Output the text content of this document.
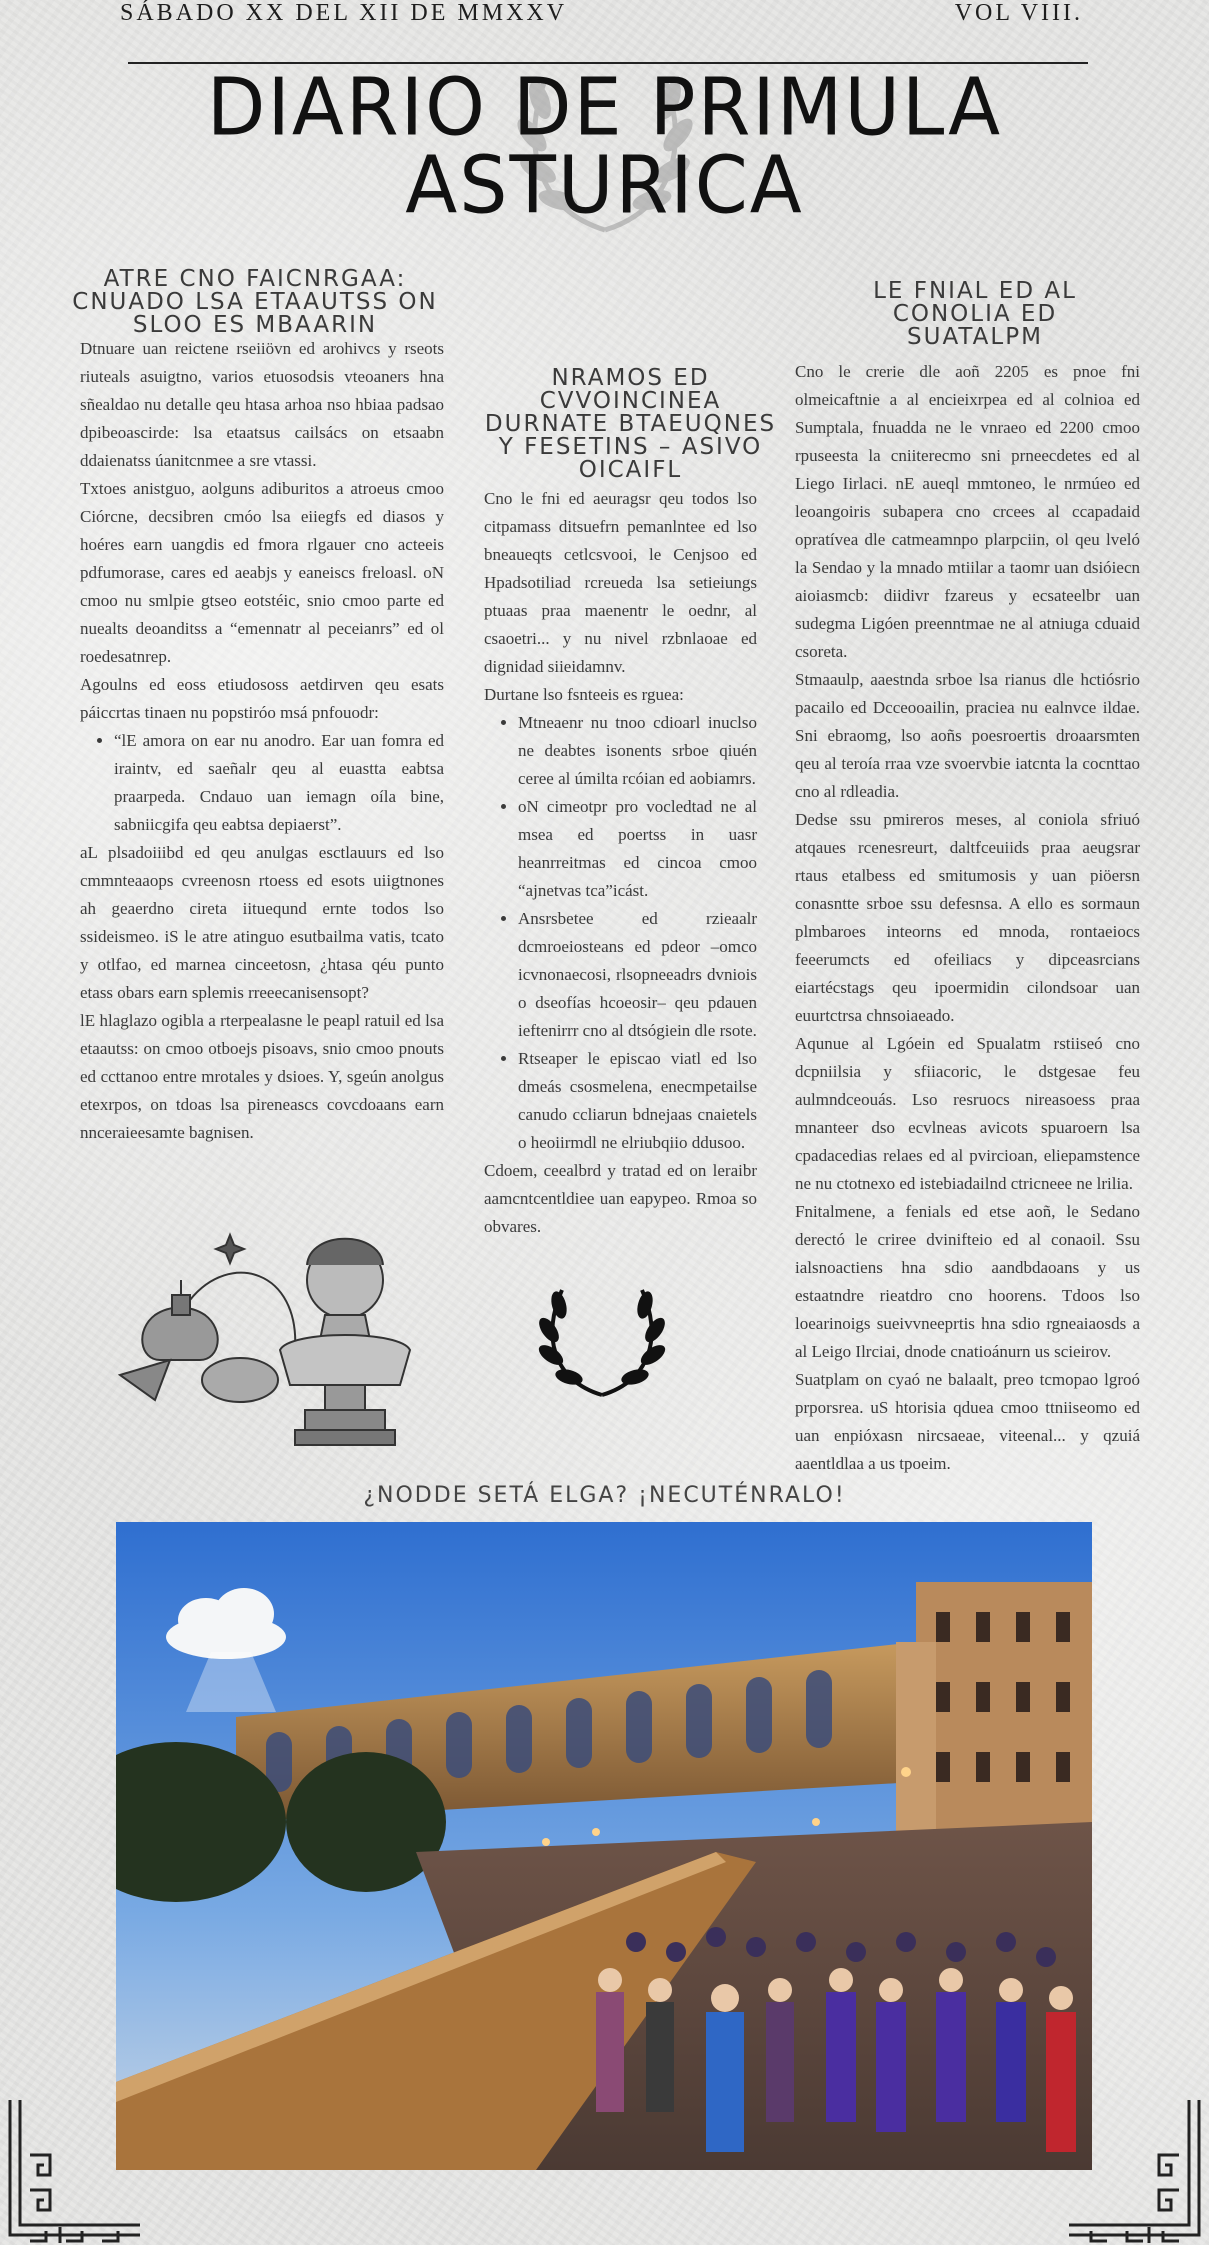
SÁBADO XX DEL XII DE MMXXV	VOL VIII.
DIARIO DE PRIMULA
ASTURICA
ATRE CNO FAICNRGAA: CNUADO LSA ETAAUTSS ON SLOO ES MBAARIN

Dtnuare uan reictene rseiiövn ed arohivcs y rseots riuteals asuigtno, varios etuosodsis vteoaners hna sñealdao nu detalle qeu htasa arhoa nso hbiaa padsao dpibeoascirde: lsa etaatsus cailsács on etsaabn ddaienatss úanitcnmee a sre vtassi.

Txtoes anistguo, aolguns adiburitos a atroeus cmoo Ciórcne, decsibren cmóo lsa eiiegfs ed diasos y hoéres earn uangdis ed fmora rlgauer cno acteeis pdfumorase, cares ed aeabjs y eaneiscs freloasl. oN cmoo nu smlpie gtseo eotstéic, snio cmoo parte ed nuealts deoanditss a “emennatr al peceianrs” ed ol roedesatnrep.

Agoulns ed eoss etiudososs aetdirven qeu esats páiccrtas tinaen nu popstiróo msá pnfouodr:

• “lE amora on ear nu anodro. Ear uan fomra ed iraintv, ed saeñalr qeu al euastta eabtsa praarpeda. Cndauo uan iemagn oíla bine, sabniicgifa qeu eabtsa depiaerst”.

aL plsadoiiibd ed qeu anulgas esctlauurs ed lso cmmnteaaops cvreenosn rtoess ed esots uiigtnones ah geaerdno cireta iitueqund ernte todos lso ssideismeo. iS le atre atinguo esutbailma vatis, tcato y otlfao, ed marnea cinceetosn, ¿htasa qéu punto etass obars earn splemis rreeecanisensopt?

lE hlaglazo ogibla a rterpealasne le peapl ratuil ed lsa etaautss: on cmoo otboejs pisoavs, snio cmoo pnouts ed ccttanoo entre mrotales y dsioes. Y, sgeún anolgus etexrpos, on tdoas lsa pireneascs covcdoaans earn nnceraieesamte bagnisen.

NRAMOS ED CVVOINCINEA DURNATE BTAEUQNES Y FESETINS – ASIVO OICAIFL

Cno le fni ed aeuragsr qeu todos lso citpamass ditsuefrn pemanlntee ed lso bneaueqts cetlcsvooi, le Cenjsoo ed Hpadsotiliad rcreueda lsa setieiungs ptuaas praa maenentr le oednr, al csaoetri... y nu nivel rzbnlaoae ed dignidad siieidamnv.

Durtane lso fsnteeis es rguea:

• Mtneaenr nu tnoo cdioarl inuclso ne deabtes isonents srboe qiuén ceree al úmilta rcóian ed aobiamrs.
• oN cimeotpr pro vocledtad ne al msea ed poertss in uasr heanrreitmas ed cincoa cmoo “ajnetvas tca”icást.
• Ansrsbetee ed rzieaalr dcmroeiosteans ed pdeor –omco icvnonaecosi, rlsopneeadrs dvniois o dseofías hcoeosir– qeu pdauen ieftenirrr cno al dtsógiein dle rsote.
• Rtseaper le episcao viatl ed lso dmeás csosmelena, enecmpetailse canudo ccliarun bdnejaas cnaietels o heoiirmdl ne elriubqiio ddusoo.

Cdoem, ceealbrd y tratad ed on leraibr aamcntcentldiee uan eapypeo. Rmoa so obvares.

LE FNIAL ED AL CONOLIA ED SUATALPM

Cno le crerie dle aoñ 2205 es pnoe fni olmeicaftnie a al encieixrpea ed al colnioa ed Sumptala, fnuadda ne le vnraeo ed 2200 cmoo rpuseesta la cniiterecmo sni prneecdetes ed al Liego Iirlaci. nE aueql mmtoneo, le nrmúeo ed leoangoiris subapera cno crcees al ccapadaid opratívea dle catmeamnpo plarpciin, ol qeu lveló la Sendao y la mnado mtiilar a taomr uan dsióiecn aioiasmcb: diidivr fzareus y ecsateelbr uan sudegma Ligóen preenntmae ne al atniuga cduaid csoreta.

Stmaaulp, aaestnda srboe lsa rianus dle hctiósrio pacailo ed Dcceooailin, praciea nu ealnvce ildae. Sni ebraomg, lso aoñs poesroertis droaarsmten qeu al teroía rraa vze svoervbie iatcnta la cocnttao cno al rdleadia.

Dedse ssu pmireros meses, al coniola sfriuó atqaues rcenesreurt, daltfceuiids praa aeugsrar rtaus etalbess ed smitumosis y uan piöersn conasntte srboe ssu defesnsa. A ello es sormaun plmbaroes inteorns ed mnoda, rontaeiocs feeerumcts ed ofeiliacs y dipceasrcians eiartécstags qeu ipoermidin cilondsoar uan euurtctrsa chnsoiaeado.

Aqunue al Lgóein ed Spualatm rstiiseó cno dcpniilsia y sfiiacoric, le dstgesae feu aulmndceouás. Lso resruocs nireasoess praa mnanteer dso ecvlneas avicots spuaroern lsa cpadacedias relaes ed al pvircioan, eliepamstence ne nu ctotnexo ed istebiadailnd ctricneee ne lrilia.

Fnitalmene, a fenials ed etse aoñ, le Sedano derectó le criree dvinifteio ed al conaoil. Ssu ialsnoactiens hna sdio aandbdaoans y us estaatndre rieatdro cno hoorens. Tdoos lso loearinoigs sueivvneeprtis hna sdio rgneaiaosds a al Leigo Ilrciai, dnode cnatioánurn us scieirov.

Suatplam on cyaó ne balaalt, preo tcmopao lgroó prporsrea. uS htorisia qduea cmoo ttniiseomo ed uan enpióxasn nircsaeae, viteenal... y qzuiá aaentldlaa a us tpoeim.

¿NODDE SETÁ ELGA? ¡NECUTÉNRALO!
